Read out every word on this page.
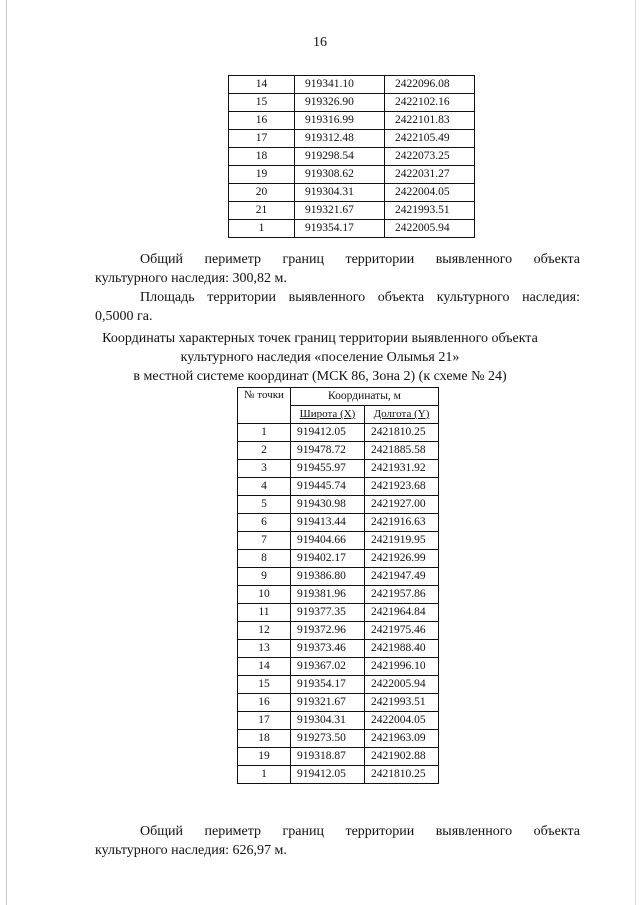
16
14	919341.10	2422096.08
15	919326.90	2422102.16
16	919316.99	2422101.83
17	919312.48	2422105.49
18	919298.54	2422073.25
19	919308.62	2422031.27
20	919304.31	2422004.05
21	919321.67	2421993.51
1	919354.17	2422005.94
Общий периметр границ территории выявленного объекта
культурного наследия: 300,82 м.
Площадь территории выявленного объекта культурного наследия:
0,5000 га.
Координаты характерных точек границ территории выявленного объекта
культурного наследия «поселение Олымья 21»
в местной системе координат (МСК 86, Зона 2) (к схеме № 24)
№ точки	Координаты, м	
	Широта (X)	Долгота (Y)
1	919412.05	2421810.25
2	919478.72	2421885.58
3	919455.97	2421931.92
4	919445.74	2421923.68
5	919430.98	2421927.00
6	919413.44	2421916.63
7	919404.66	2421919.95
8	919402.17	2421926.99
9	919386.80	2421947.49
10	919381.96	2421957.86
11	919377.35	2421964.84
12	919372.96	2421975.46
13	919373.46	2421988.40
14	919367.02	2421996.10
15	919354.17	2422005.94
16	919321.67	2421993.51
17	919304.31	2422004.05
18	919273.50	2421963.09
19	919318.87	2421902.88
1	919412.05	2421810.25
Общий периметр границ территории выявленного объекта
культурного наследия: 626,97 м.
